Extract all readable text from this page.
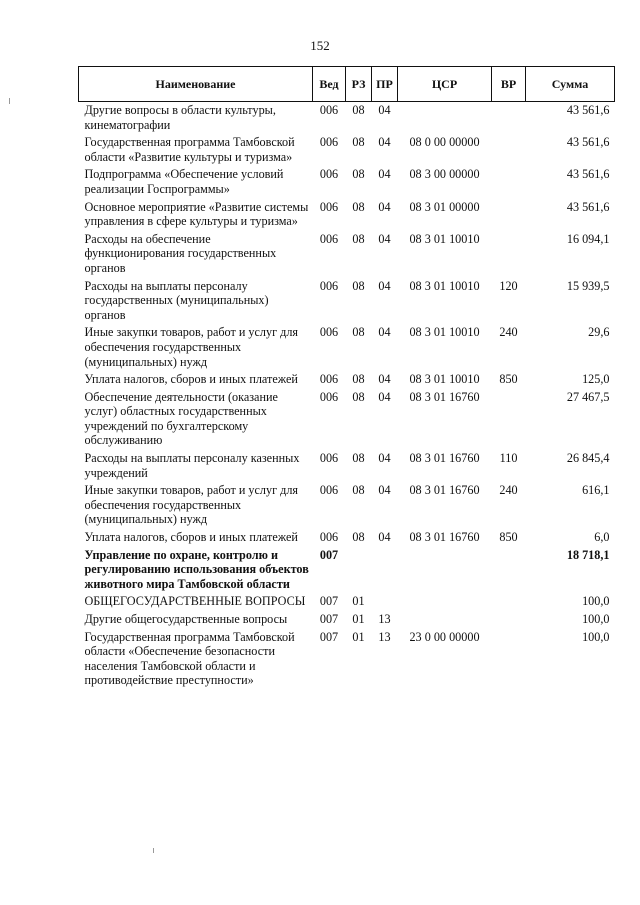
152
Наименование	Вед	РЗ	ПР	ЦСР	ВР	Сумма
Другие вопросы в области культуры, кинематографии	006	08	04			43 561,6
Государственная программа Тамбовской области «Развитие культуры и туризма»	006	08	04	08 0 00 00000		43 561,6
Подпрограмма «Обеспечение условий реализации Госпрограммы»	006	08	04	08 3 00 00000		43 561,6
Основное мероприятие «Развитие системы управления в сфере культуры и туризма»	006	08	04	08 3 01 00000		43 561,6
Расходы на обеспечение функционирования государственных органов	006	08	04	08 3 01 10010		16 094,1
Расходы на выплаты персоналу государственных (муниципальных) органов	006	08	04	08 3 01 10010	120	15 939,5
Иные закупки товаров, работ и услуг для обеспечения государственных (муниципальных) нужд	006	08	04	08 3 01 10010	240	29,6
Уплата налогов, сборов и иных платежей	006	08	04	08 3 01 10010	850	125,0
Обеспечение деятельности (оказание услуг) областных государственных учреждений по бухгалтерскому обслуживанию	006	08	04	08 3 01 16760		27 467,5
Расходы на выплаты персоналу казенных учреждений	006	08	04	08 3 01 16760	110	26 845,4
Иные закупки товаров, работ и услуг для обеспечения государственных (муниципальных) нужд	006	08	04	08 3 01 16760	240	616,1
Уплата налогов, сборов и иных платежей	006	08	04	08 3 01 16760	850	6,0
Управление по охране, контролю и регулированию использования объектов животного мира Тамбовской области	007					18 718,1
ОБЩЕГОСУДАРСТВЕННЫЕ ВОПРОСЫ	007	01				100,0
Другие общегосударственные вопросы	007	01	13			100,0
Государственная программа Тамбовской области «Обеспечение безопасности населения Тамбовской области и противодействие преступности»	007	01	13	23 0 00 00000		100,0
